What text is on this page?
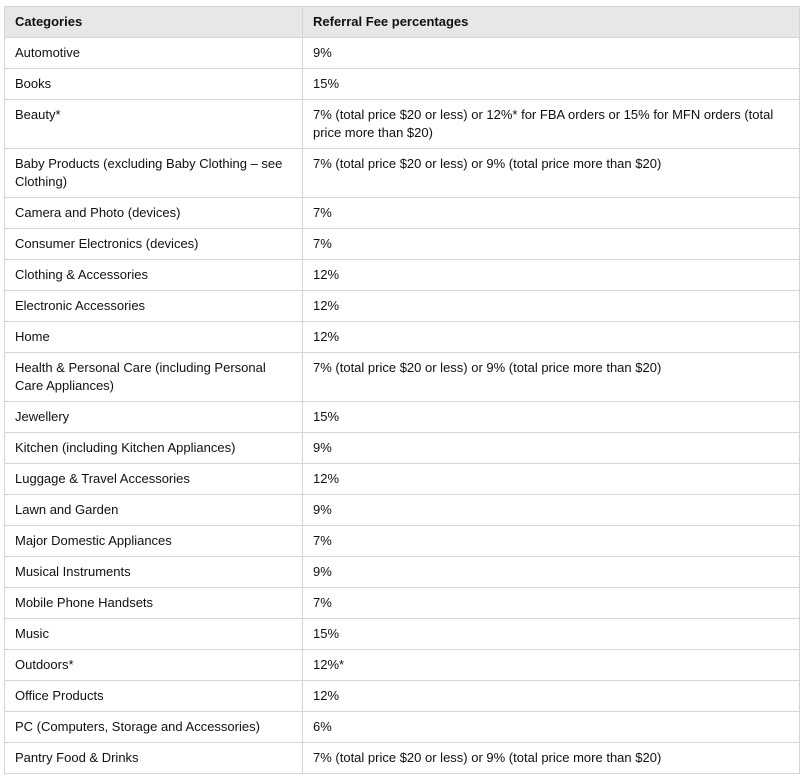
Categories	Referral Fee percentages
Automotive	9%
Books	15%
Beauty*	7% (total price $20 or less) or 12%* for FBA orders or 15% for MFN orders (total price more than $20)
Baby Products (excluding Baby Clothing – see Clothing)	7% (total price $20 or less) or 9% (total price more than $20)
Camera and Photo (devices)	7%
Consumer Electronics (devices)	7%
Clothing & Accessories	12%
Electronic Accessories	12%
Home	12%
Health & Personal Care (including Personal Care Appliances)	7% (total price $20 or less) or 9% (total price more than $20)
Jewellery	15%
Kitchen (including Kitchen Appliances)	9%
Luggage & Travel Accessories	12%
Lawn and Garden	9%
Major Domestic Appliances	7%
Musical Instruments	9%
Mobile Phone Handsets	7%
Music	15%
Outdoors*	12%*
Office Products	12%
PC (Computers, Storage and Accessories)	6%
Pantry Food & Drinks	7% (total price $20 or less) or 9% (total price more than $20)
